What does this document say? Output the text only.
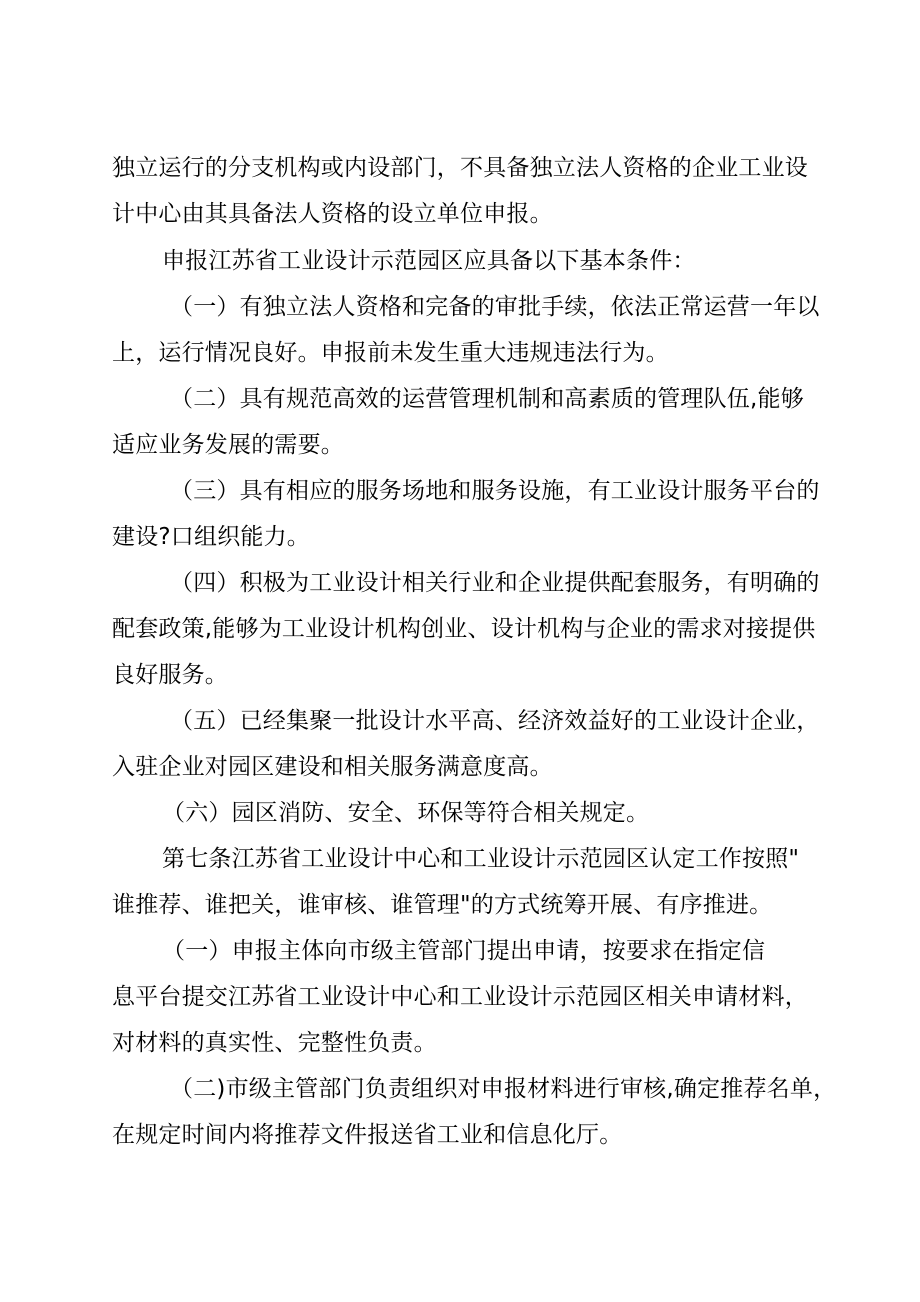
独立运行的分支机构或内设部门，不具备独立法人资格的企业工业设
计中心由其具备法人资格的设立单位申报。
申报江苏省工业设计示范园区应具备以下基本条件：
（一）有独立法人资格和完备的审批手续，依法正常运营一年以
上，运行情况良好。申报前未发生重大违规违法行为。
（二）具有规范高效的运营管理机制和高素质的管理队伍,能够
适应业务发展的需要。
（三）具有相应的服务场地和服务设施，有工业设计服务平台的
建设?口组织能力。
（四）积极为工业设计相关行业和企业提供配套服务，有明确的
配套政策,能够为工业设计机构创业、设计机构与企业的需求对接提供
良好服务。
（五）已经集聚一批设计水平高、经济效益好的工业设计企业，
入驻企业对园区建设和相关服务满意度高。
（六）园区消防、安全、环保等符合相关规定。
第七条江苏省工业设计中心和工业设计示范园区认定工作按照"
谁推荐、谁把关，谁审核、谁管理"的方式统筹开展、有序推进。
（一）申报主体向市级主管部门提出申请，按要求在指定信
息平台提交江苏省工业设计中心和工业设计示范园区相关申请材料，
对材料的真实性、完整性负责。
（二)市级主管部门负责组织对申报材料进行审核,确定推荐名单，
在规定时间内将推荐文件报送省工业和信息化厅。
